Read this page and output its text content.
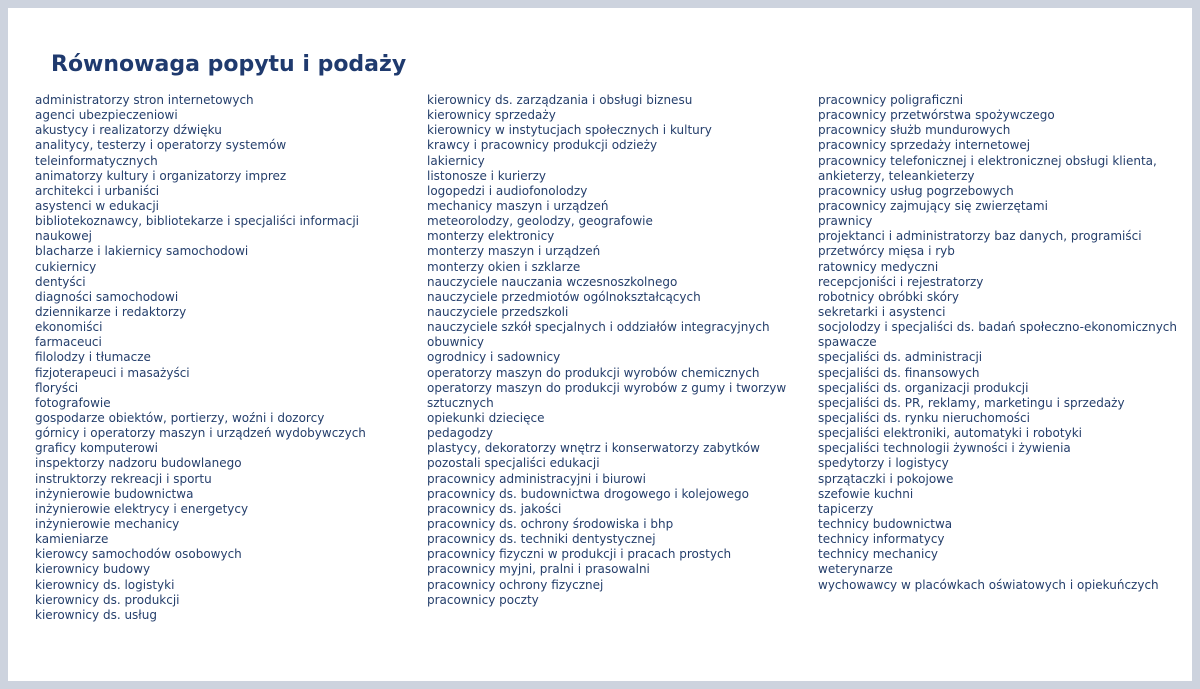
Równowaga popytu i podaży
administratorzy stron internetowych
agenci ubezpieczeniowi
akustycy i realizatorzy dźwięku
analitycy, testerzy i operatorzy systemów
teleinformatycznych
animatorzy kultury i organizatorzy imprez
architekci i urbaniści
asystenci w edukacji
bibliotekoznawcy, bibliotekarze i specjaliści informacji
naukowej
blacharze i lakiernicy samochodowi
cukiernicy
dentyści
diagności samochodowi
dziennikarze i redaktorzy
ekonomiści
farmaceuci
filolodzy i tłumacze
fizjoterapeuci i masażyści
floryści
fotografowie
gospodarze obiektów, portierzy, woźni i dozorcy
górnicy i operatorzy maszyn i urządzeń wydobywczych
graficy komputerowi
inspektorzy nadzoru budowlanego
instruktorzy rekreacji i sportu
inżynierowie budownictwa
inżynierowie elektrycy i energetycy
inżynierowie mechanicy
kamieniarze
kierowcy samochodów osobowych
kierownicy budowy
kierownicy ds. logistyki
kierownicy ds. produkcji
kierownicy ds. usług
kierownicy ds. zarządzania i obsługi biznesu
kierownicy sprzedaży
kierownicy w instytucjach społecznych i kultury
krawcy i pracownicy produkcji odzieży
lakiernicy
listonosze i kurierzy
logopedzi i audiofonolodzy
mechanicy maszyn i urządzeń
meteorolodzy, geolodzy, geografowie
monterzy elektronicy
monterzy maszyn i urządzeń
monterzy okien i szklarze
nauczyciele nauczania wczesnoszkolnego
nauczyciele przedmiotów ogólnokształcących
nauczyciele przedszkoli
nauczyciele szkół specjalnych i oddziałów integracyjnych
obuwnicy
ogrodnicy i sadownicy
operatorzy maszyn do produkcji wyrobów chemicznych
operatorzy maszyn do produkcji wyrobów z gumy i tworzyw
sztucznych
opiekunki dziecięce
pedagodzy
plastycy, dekoratorzy wnętrz i konserwatorzy zabytków
pozostali specjaliści edukacji
pracownicy administracyjni i biurowi
pracownicy ds. budownictwa drogowego i kolejowego
pracownicy ds. jakości
pracownicy ds. ochrony środowiska i bhp
pracownicy ds. techniki dentystycznej
pracownicy fizyczni w produkcji i pracach prostych
pracownicy myjni, pralni i prasowalni
pracownicy ochrony fizycznej
pracownicy poczty
pracownicy poligraficzni
pracownicy przetwórstwa spożywczego
pracownicy służb mundurowych
pracownicy sprzedaży internetowej
pracownicy telefonicznej i elektronicznej obsługi klienta,
ankieterzy, teleankieterzy
pracownicy usług pogrzebowych
pracownicy zajmujący się zwierzętami
prawnicy
projektanci i administratorzy baz danych, programiści
przetwórcy mięsa i ryb
ratownicy medyczni
recepcjoniści i rejestratorzy
robotnicy obróbki skóry
sekretarki i asystenci
socjolodzy i specjaliści ds. badań społeczno-ekonomicznych
spawacze
specjaliści ds. administracji
specjaliści ds. finansowych
specjaliści ds. organizacji produkcji
specjaliści ds. PR, reklamy, marketingu i sprzedaży
specjaliści ds. rynku nieruchomości
specjaliści elektroniki, automatyki i robotyki
specjaliści technologii żywności i żywienia
spedytorzy i logistycy
sprzątaczki i pokojowe
szefowie kuchni
tapicerzy
technicy budownictwa
technicy informatycy
technicy mechanicy
weterynarze
wychowawcy w placówkach oświatowych i opiekuńczych
